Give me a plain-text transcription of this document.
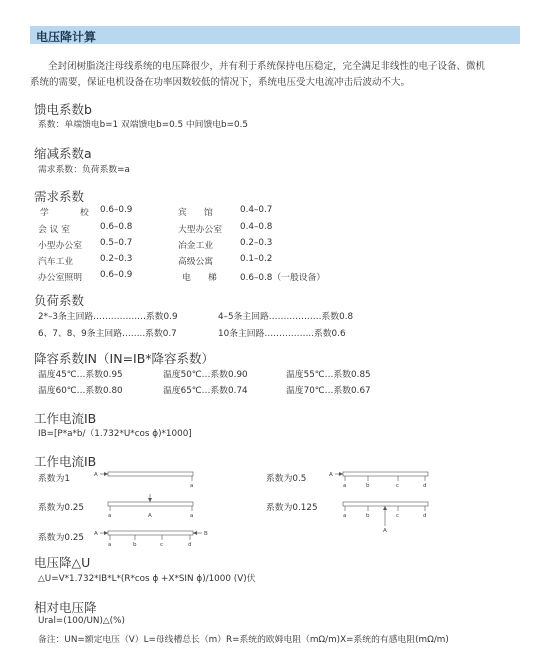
电压降计算
全封闭树脂浇注母线系统的电压降很少，并有利于系统保持电压稳定，完全满足非线性的电子设备、微机
系统的需要，保证电机设备在功率因数较低的情况下，系统电压受大电流冲击后波动不大。
馈电系数b
系数：单端馈电b=1 双端馈电b=0.5 中间馈电b=0.5
缩减系数a
需求系数：负荷系数=a
需求系数
学	校 0.6–0.9	宾 馆	0.4–0.7
会 议 室	0.6–0.8	大型办公室 0.4–0.8
小型办公室 0.5–0.7	冶金工业	0.2–0.3
汽车工业	0.2–0.3	高级公寓	0.1–0.2
办公室照明 0.6–0.9	电 梯	0.6–0.8（一般设备）
负荷系数
2*–3条主回路………………系数0.9	4–5条主回路………………系数0.8
6、7、8、9条主回路……..系数0.7	10条主回路……………..系数0.6
降容系数IN（IN=IB*降容系数）
温度45℃…系数0.95	温度50℃…系数0.90	温度55℃…系数0.85
温度60℃…系数0.80	温度65℃…系数0.74	温度70℃…系数0.67
工作电流IB
IB=[P*a*b/（1.732*U*cos ϕ)*1000]
工作电流IB
系数为1	系数为0.5
系数为0.25	系数为0.125
系数为0.25
A
a
A
a	b	c	d
a	A	a	a	b	c	d
A
A	B
a	b	c	d
电压降△U
△U=V*1.732*IB*L*(R*cos ϕ +X*SIN ϕ)/1000 (V)伏
相对电压降
Ural=(100/UN)△(%)
备注：UN=额定电压（V）L=母线槽总长（m）R=系统的欧姆电阻（mΩ/m)X=系统的有感电阻(mΩ/m)
